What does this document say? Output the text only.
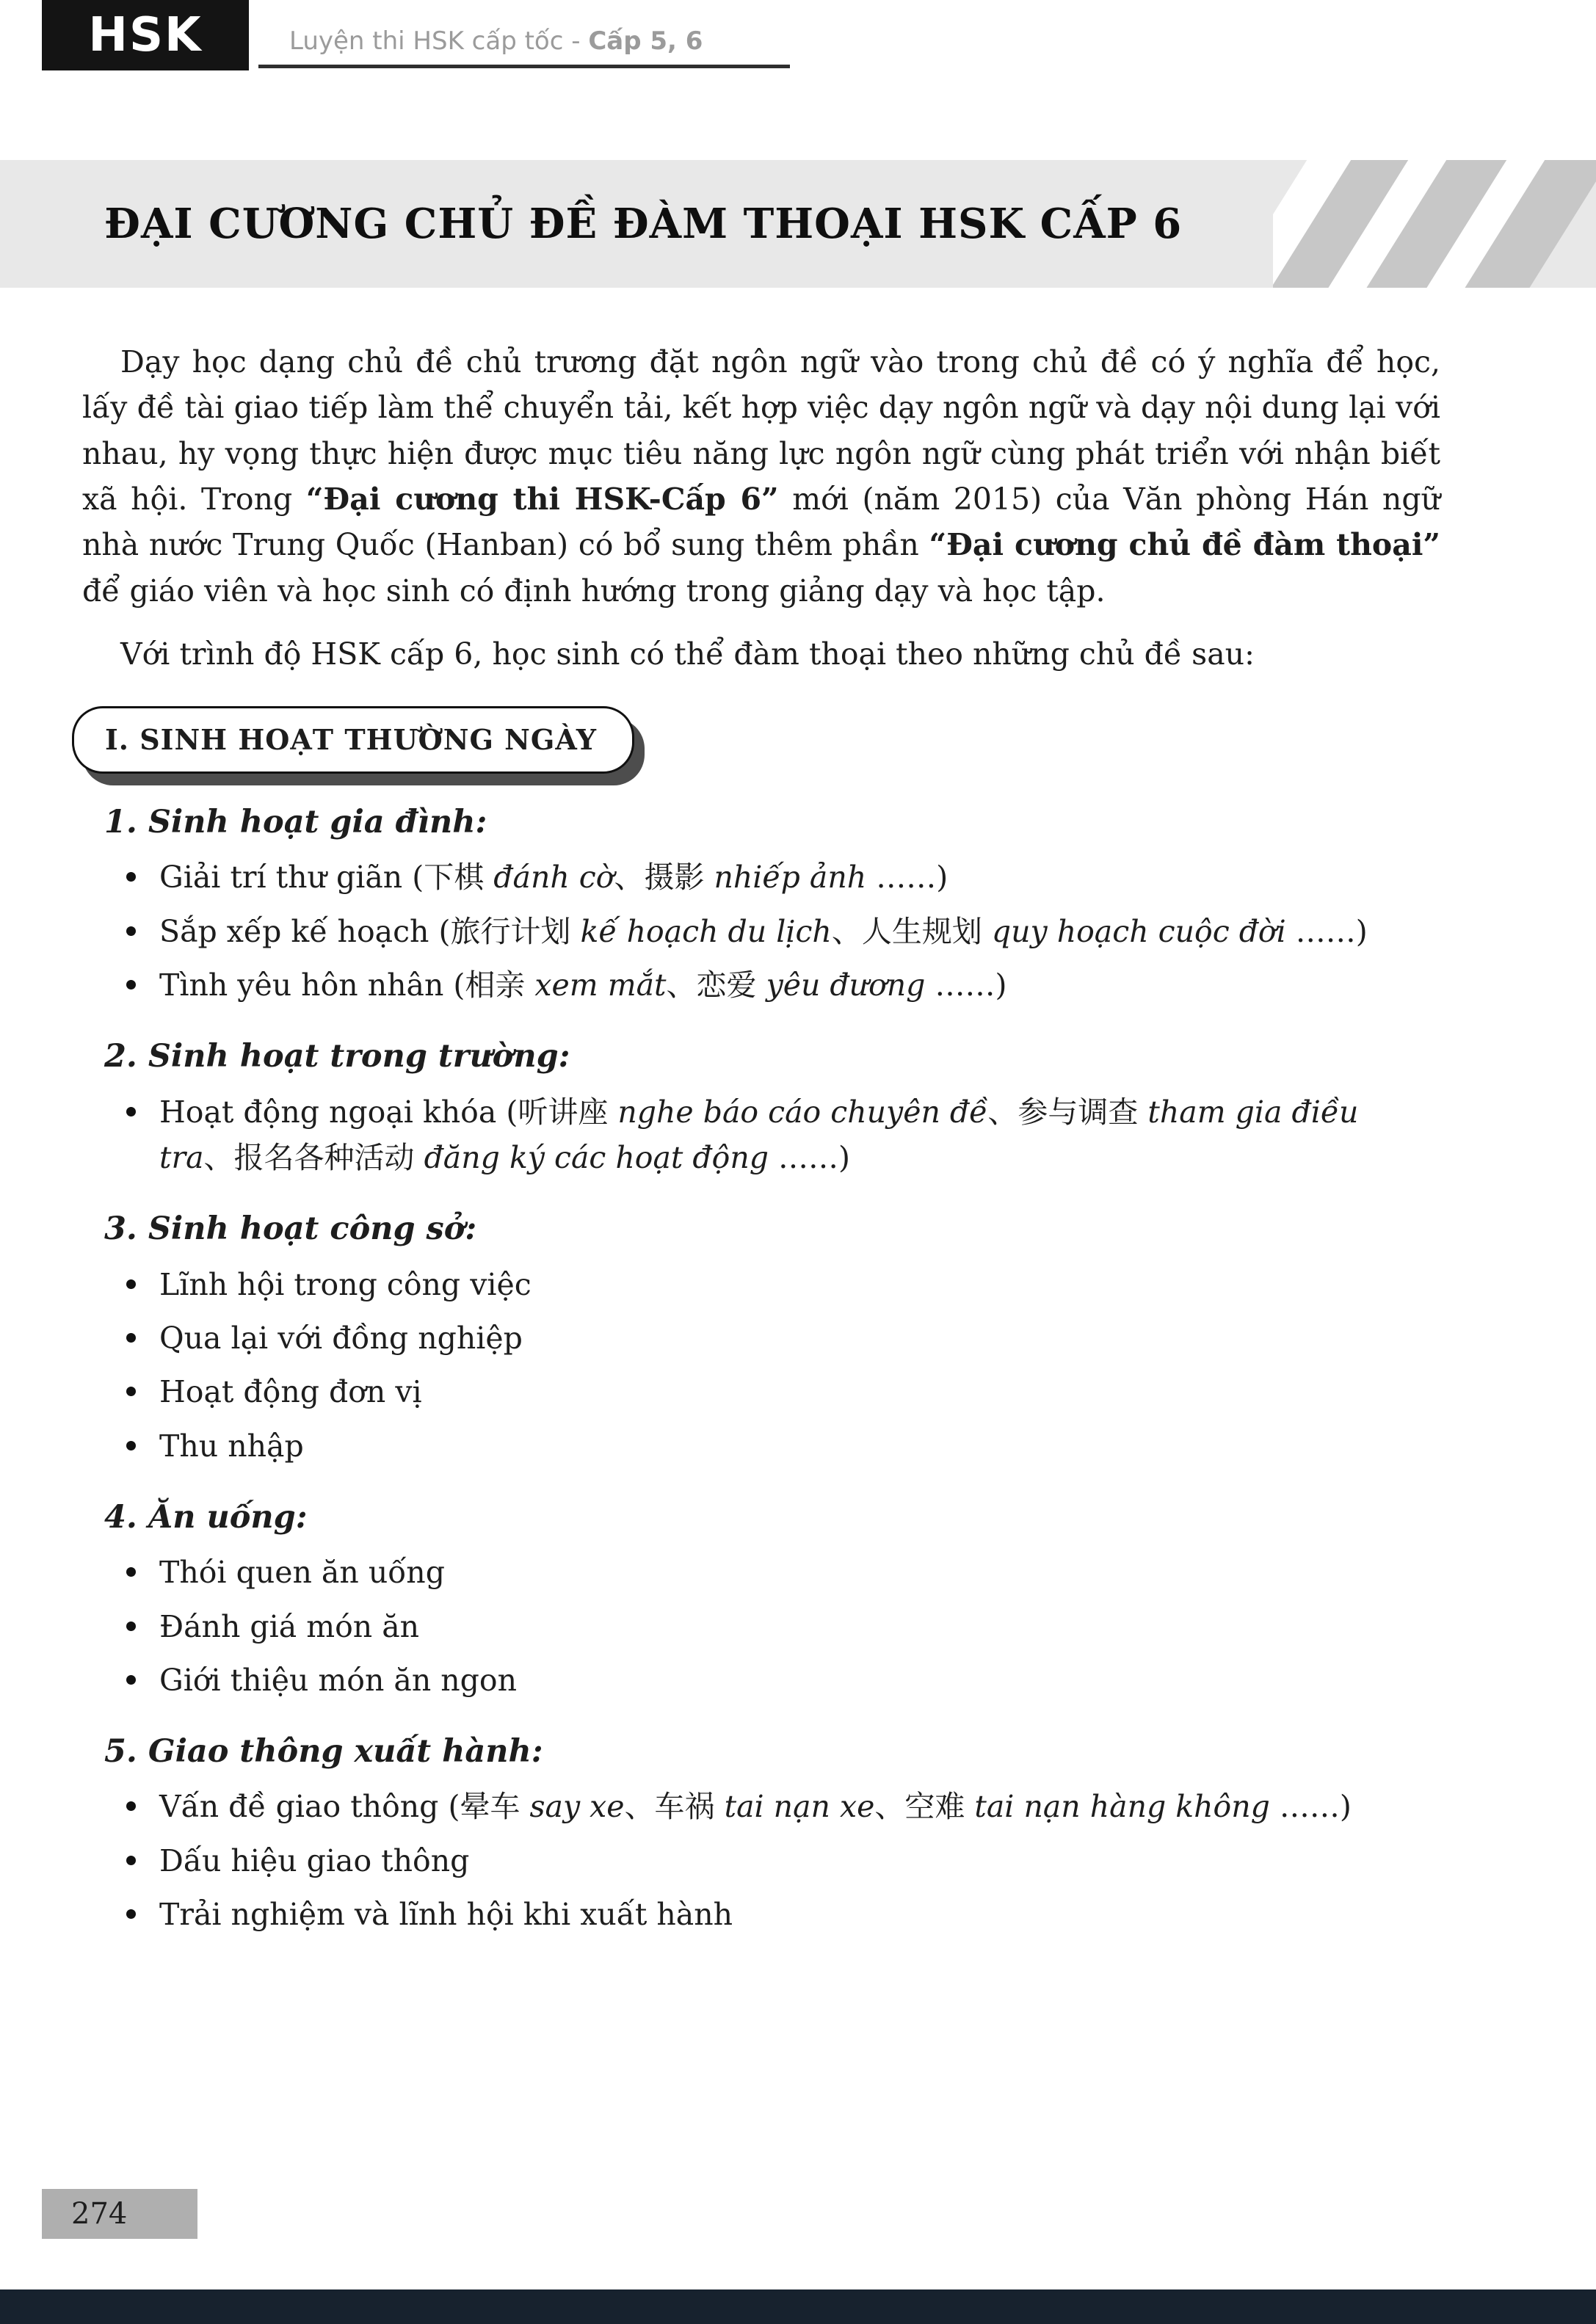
HSK	Luyện thi HSK cấp tốc - Cấp 5, 6
ĐẠI CƯƠNG CHỦ ĐỀ ĐÀM THOẠI HSK CẤP 6

Dạy học dạng chủ đề chủ trương đặt ngôn ngữ vào trong chủ đề có ý nghĩa để học, lấy đề tài giao tiếp làm thể chuyển tải, kết hợp việc dạy ngôn ngữ và dạy nội dung lại với nhau, hy vọng thực hiện được mục tiêu năng lực ngôn ngữ cùng phát triển với nhận biết xã hội. Trong “Đại cương thi HSK-Cấp 6” mới (năm 2015) của Văn phòng Hán ngữ nhà nước Trung Quốc (Hanban) có bổ sung thêm phần “Đại cương chủ đề đàm thoại” để giáo viên và học sinh có định hướng trong giảng dạy và học tập.

Với trình độ HSK cấp 6, học sinh có thể đàm thoại theo những chủ đề sau:

I. SINH HOẠT THƯỜNG NGÀY
1. Sinh hoạt gia đình:
Giải trí thư giãn (下棋 đánh cờ、摄影 nhiếp ảnh ……)
Sắp xếp kế hoạch (旅行计划 kế hoạch du lịch、人生规划 quy hoạch cuộc đời ……)
Tình yêu hôn nhân (相亲 xem mắt、恋爱 yêu đương ……)
2. Sinh hoạt trong trường:
Hoạt động ngoại khóa (听讲座 nghe báo cáo chuyên đề、参与调查 tham gia điều tra、报名各种活动 đăng ký các hoạt động ……)
3. Sinh hoạt công sở:
Lĩnh hội trong công việc
Qua lại với đồng nghiệp
Hoạt động đơn vị
Thu nhập
4. Ăn uống:
Thói quen ăn uống
Đánh giá món ăn
Giới thiệu món ăn ngon
5. Giao thông xuất hành:
Vấn đề giao thông (晕车 say xe、车祸 tai nạn xe、空难 tai nạn hàng không ……)
Dấu hiệu giao thông
Trải nghiệm và lĩnh hội khi xuất hành
274
